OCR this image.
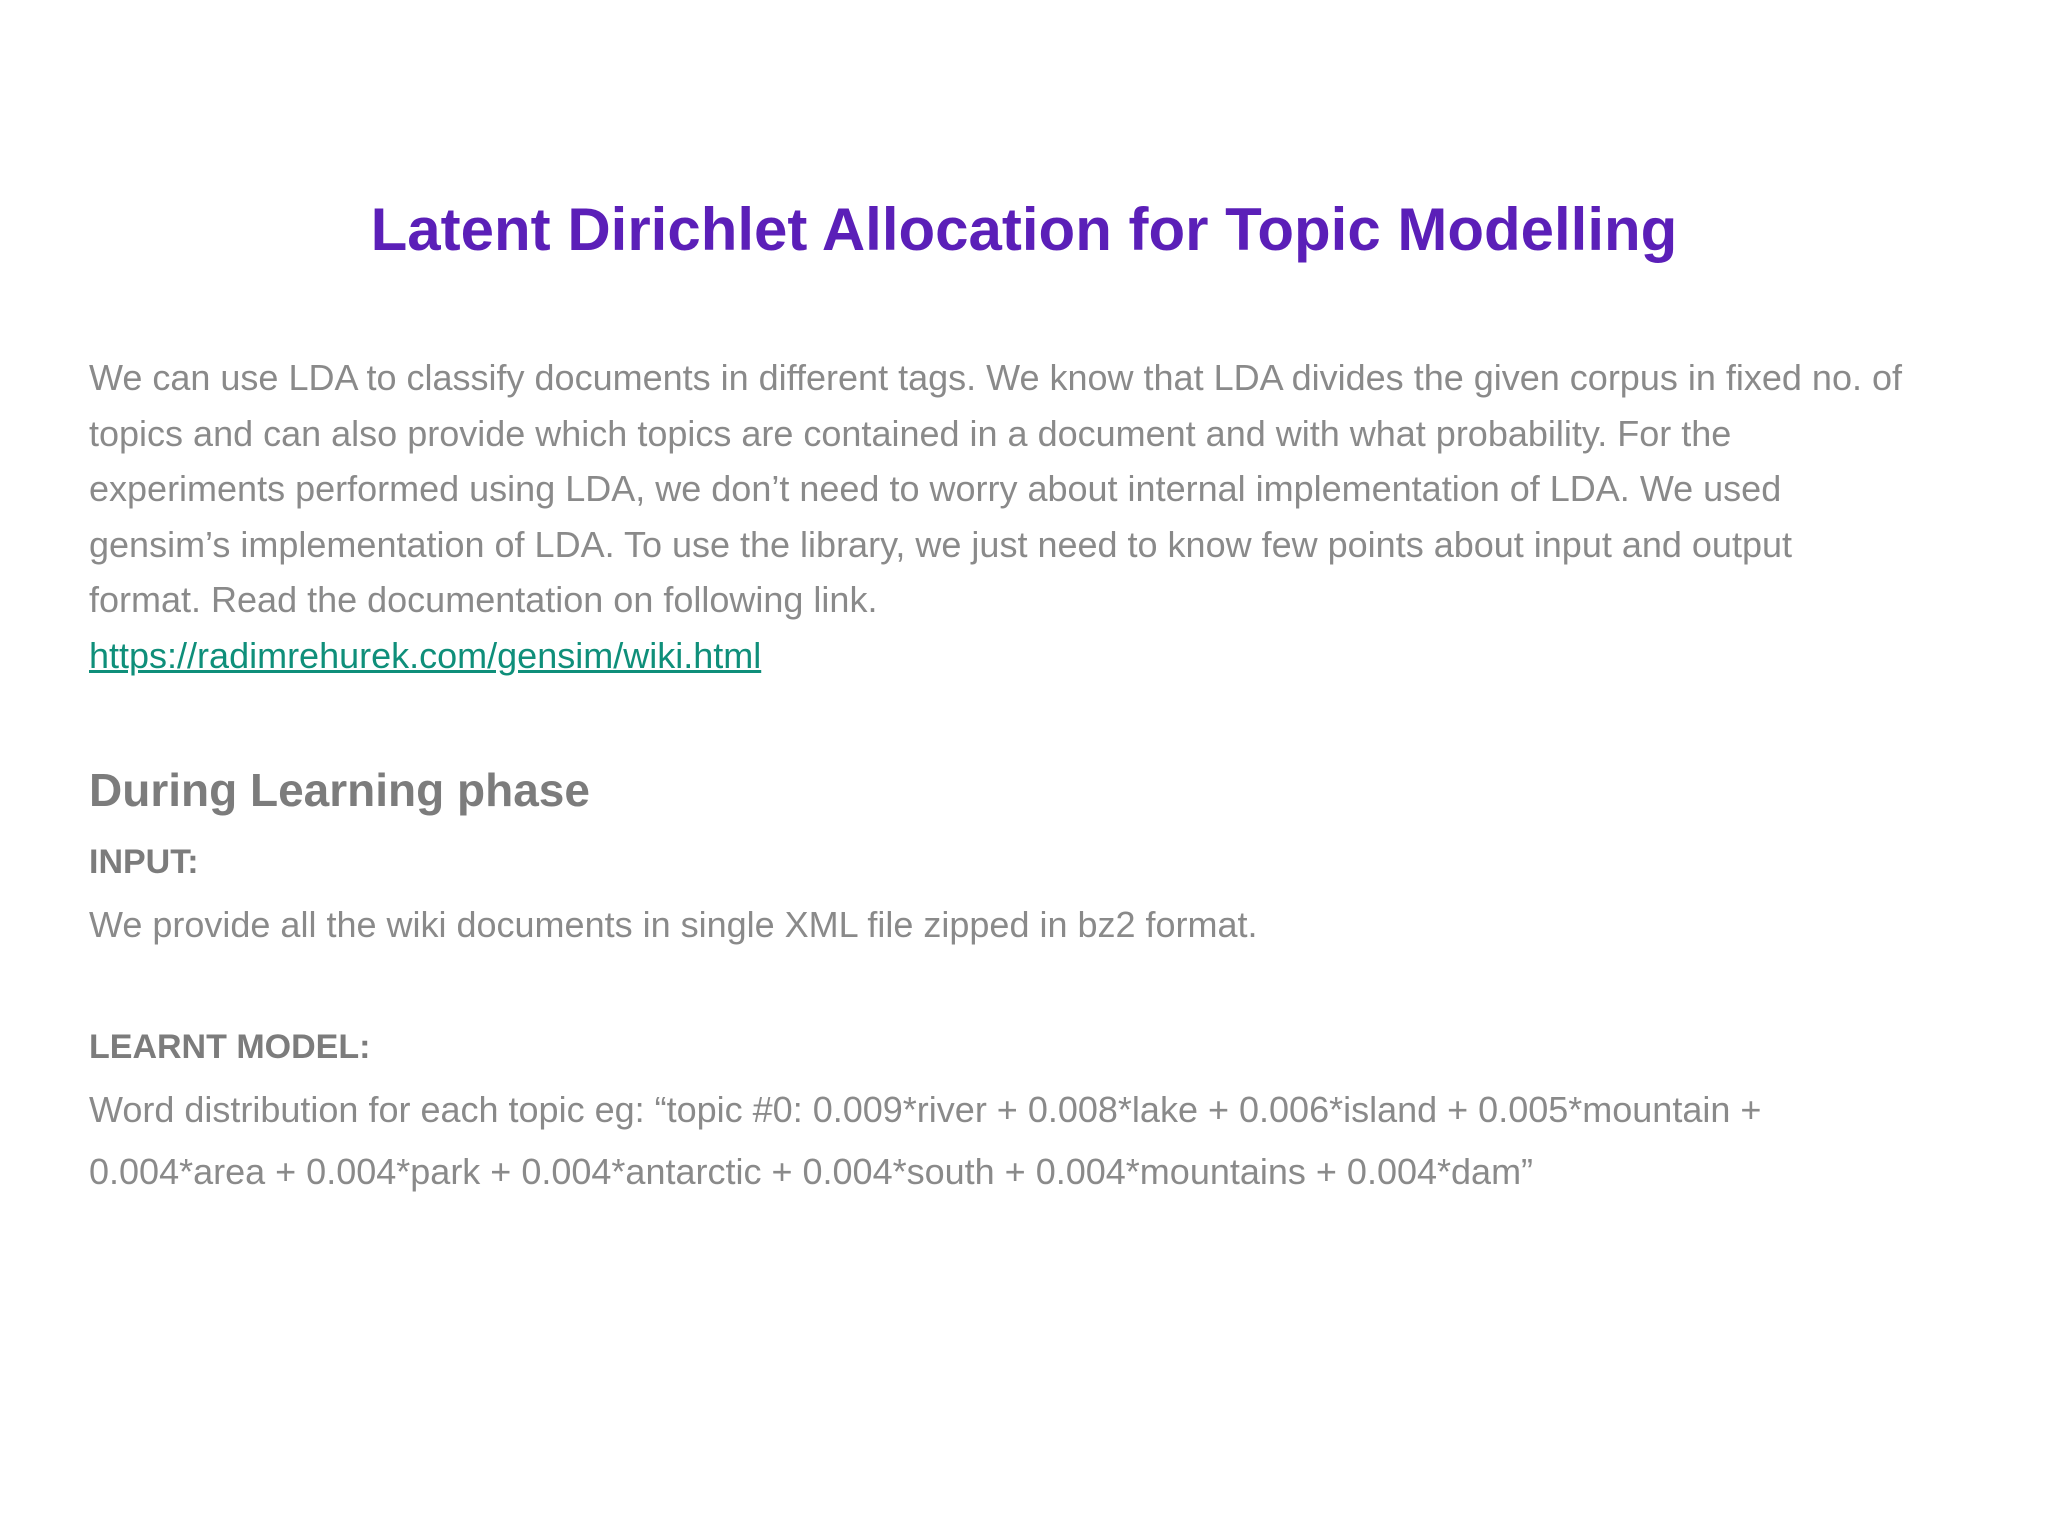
Latent Dirichlet Allocation for Topic Modelling

We can use LDA to classify documents in different tags. We know that LDA divides the given corpus in fixed no. of
topics and can also provide which topics are contained in a document and with what probability. For the
experiments performed using LDA, we don’t need to worry about internal implementation of LDA. We used
gensim’s implementation of LDA. To use the library, we just need to know few points about input and output
format. Read the documentation on following link.

https://radimrehurek.com/gensim/wiki.html
During Learning phase
INPUT:
We provide all the wiki documents in single XML file zipped in bz2 format.
LEARNT MODEL:
Word distribution for each topic eg: “topic #0: 0.009*river + 0.008*lake + 0.006*island + 0.005*mountain +
0.004*area + 0.004*park + 0.004*antarctic + 0.004*south + 0.004*mountains + 0.004*dam”
